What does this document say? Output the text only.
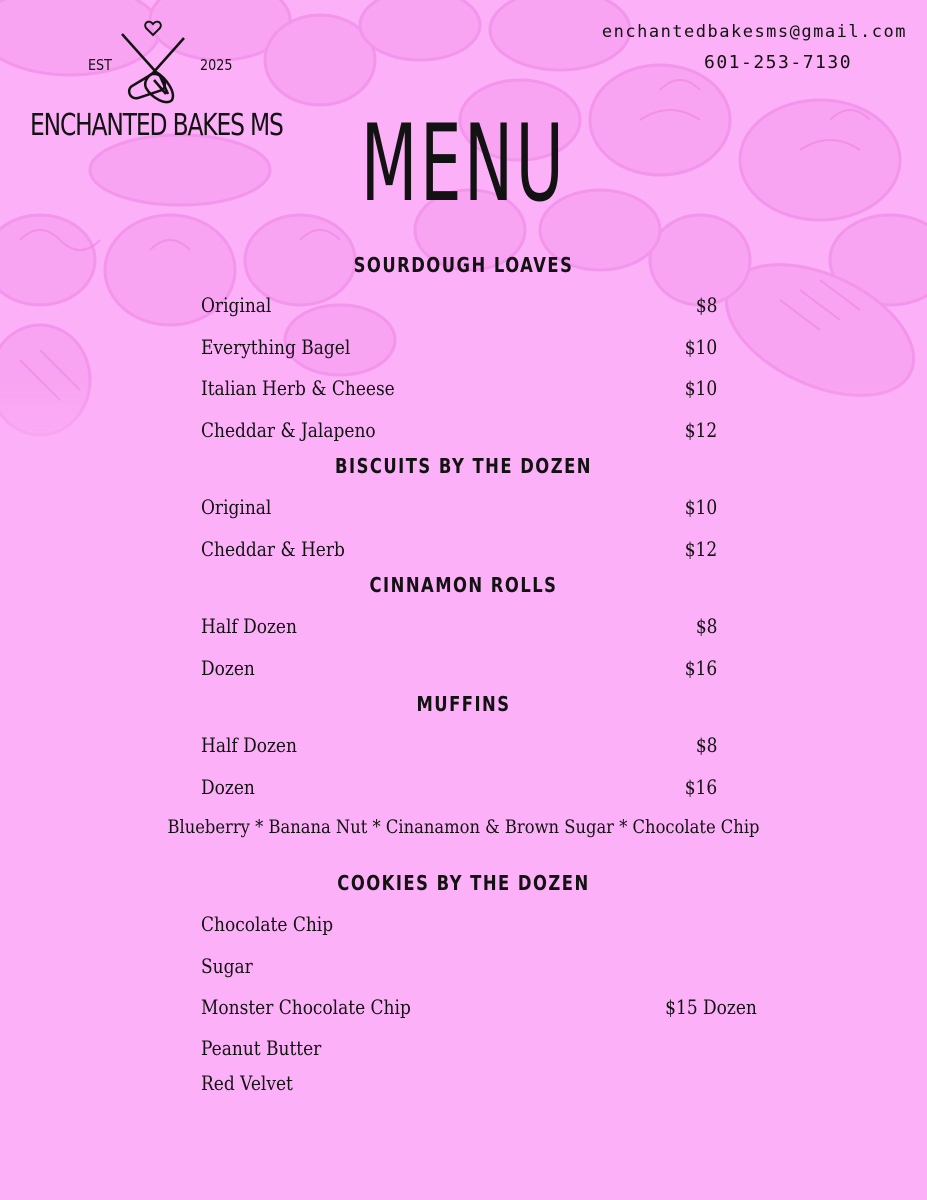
EST	2025
ENCHANTED BAKES MS
enchantedbakesms@gmail.com
601-253-7130
MENU
SOURDOUGH LOAVES
Original	$8
Everything Bagel	$10
Italian Herb & Cheese	$10
Cheddar & Jalapeno	$12
BISCUITS BY THE DOZEN
Original	$10
Cheddar & Herb	$12
CINNAMON ROLLS
Half Dozen	$8
Dozen	$16
MUFFINS
Half Dozen	$8
Dozen	$16
Blueberry * Banana Nut * Cinanamon & Brown Sugar * Chocolate Chip
COOKIES BY THE DOZEN
Chocolate Chip
Sugar
Monster Chocolate Chip	$15 Dozen
Peanut Butter
Red Velvet
